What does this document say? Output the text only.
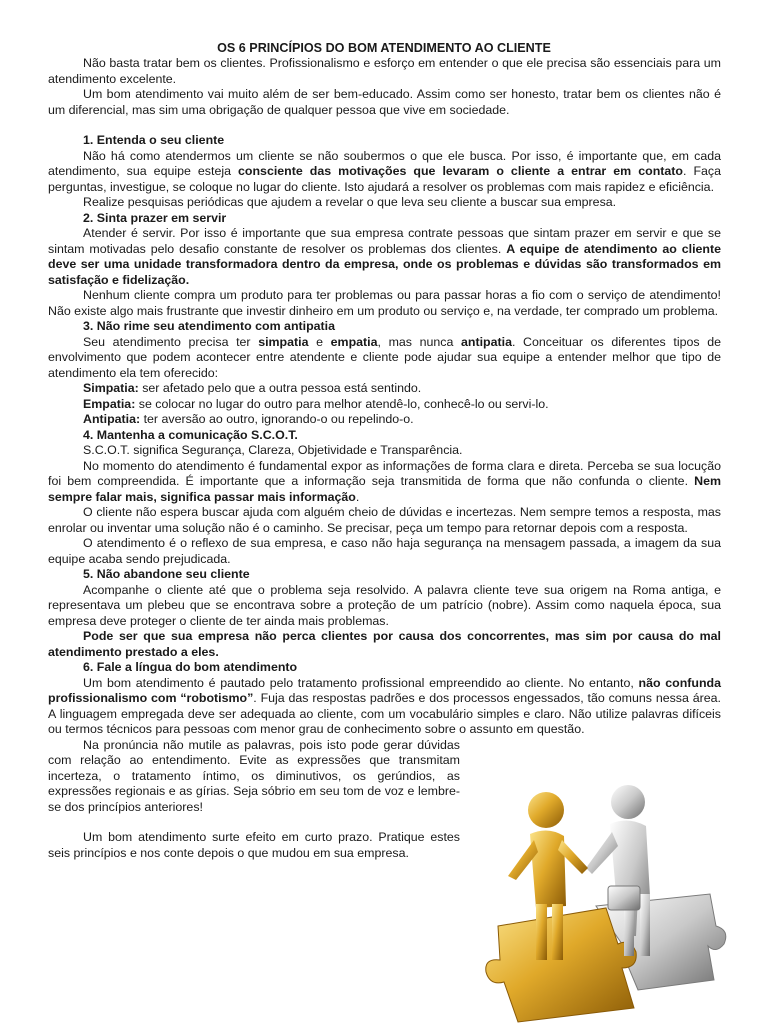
OS 6 PRINCÍPIOS DO BOM ATENDIMENTO AO CLIENTE

Não basta tratar bem os clientes. Profissionalismo e esforço em entender o que ele precisa são essenciais para um atendimento excelente.

Um bom atendimento vai muito além de ser bem-educado. Assim como ser honesto, tratar bem os clientes não é um diferencial, mas sim uma obrigação de qualquer pessoa que vive em sociedade.

1. Entenda o seu cliente

Não há como atendermos um cliente se não soubermos o que ele busca. Por isso, é importante que, em cada atendimento, sua equipe esteja consciente das motivações que levaram o cliente a entrar em contato. Faça perguntas, investigue, se coloque no lugar do cliente. Isto ajudará a resolver os problemas com mais rapidez e eficiência.

Realize pesquisas periódicas que ajudem a revelar o que leva seu cliente a buscar sua empresa.

2. Sinta prazer em servir

Atender é servir. Por isso é importante que sua empresa contrate pessoas que sintam prazer em servir e que se sintam motivadas pelo desafio constante de resolver os problemas dos clientes. A equipe de atendimento ao cliente deve ser uma unidade transformadora dentro da empresa, onde os problemas e dúvidas são transformados em satisfação e fidelização.

Nenhum cliente compra um produto para ter problemas ou para passar horas a fio com o serviço de atendimento! Não existe algo mais frustrante que investir dinheiro em um produto ou serviço e, na verdade, ter comprado um problema.

3. Não rime seu atendimento com antipatia

Seu atendimento precisa ter simpatia e empatia, mas nunca antipatia. Conceituar os diferentes tipos de envolvimento que podem acontecer entre atendente e cliente pode ajudar sua equipe a entender melhor que tipo de atendimento ela tem oferecido:

Simpatia: ser afetado pelo que a outra pessoa está sentindo.

Empatia: se colocar no lugar do outro para melhor atendê-lo, conhecê-lo ou servi-lo.

Antipatia: ter aversão ao outro, ignorando-o ou repelindo-o.

4. Mantenha a comunicação S.C.O.T.

S.C.O.T. significa Segurança, Clareza, Objetividade e Transparência.

No momento do atendimento é fundamental expor as informações de forma clara e direta. Perceba se sua locução foi bem compreendida. É importante que a informação seja transmitida de forma que não confunda o cliente. Nem sempre falar mais, significa passar mais informação.

O cliente não espera buscar ajuda com alguém cheio de dúvidas e incertezas. Nem sempre temos a resposta, mas enrolar ou inventar uma solução não é o caminho. Se precisar, peça um tempo para retornar depois com a resposta.

O atendimento é o reflexo de sua empresa, e caso não haja segurança na mensagem passada, a imagem da sua equipe acaba sendo prejudicada.

5. Não abandone seu cliente

Acompanhe o cliente até que o problema seja resolvido. A palavra cliente teve sua origem na Roma antiga, e representava um plebeu que se encontrava sobre a proteção de um patrício (nobre). Assim como naquela época, sua empresa deve proteger o cliente de ter ainda mais problemas.

Pode ser que sua empresa não perca clientes por causa dos concorrentes, mas sim por causa do mal atendimento prestado a eles.

6. Fale a língua do bom atendimento

Um bom atendimento é pautado pelo tratamento profissional empreendido ao cliente. No entanto, não confunda profissionalismo com “robotismo”. Fuja das respostas padrões e dos processos engessados, tão comuns nessa área. A linguagem empregada deve ser adequada ao cliente, com um vocabulário simples e claro. Não utilize palavras difíceis ou termos técnicos para pessoas com menor grau de conhecimento sobre o assunto em questão.

Na pronúncia não mutile as palavras, pois isto pode gerar dúvidas com relação ao entendimento. Evite as expressões que transmitam incerteza, o tratamento íntimo, os diminutivos, os gerúndios, as expressões regionais e as gírias. Seja sóbrio em seu tom de voz e lembre-se dos princípios anteriores!

Um bom atendimento surte efeito em curto prazo. Pratique estes seis princípios e nos conte depois o que mudou em sua empresa.
